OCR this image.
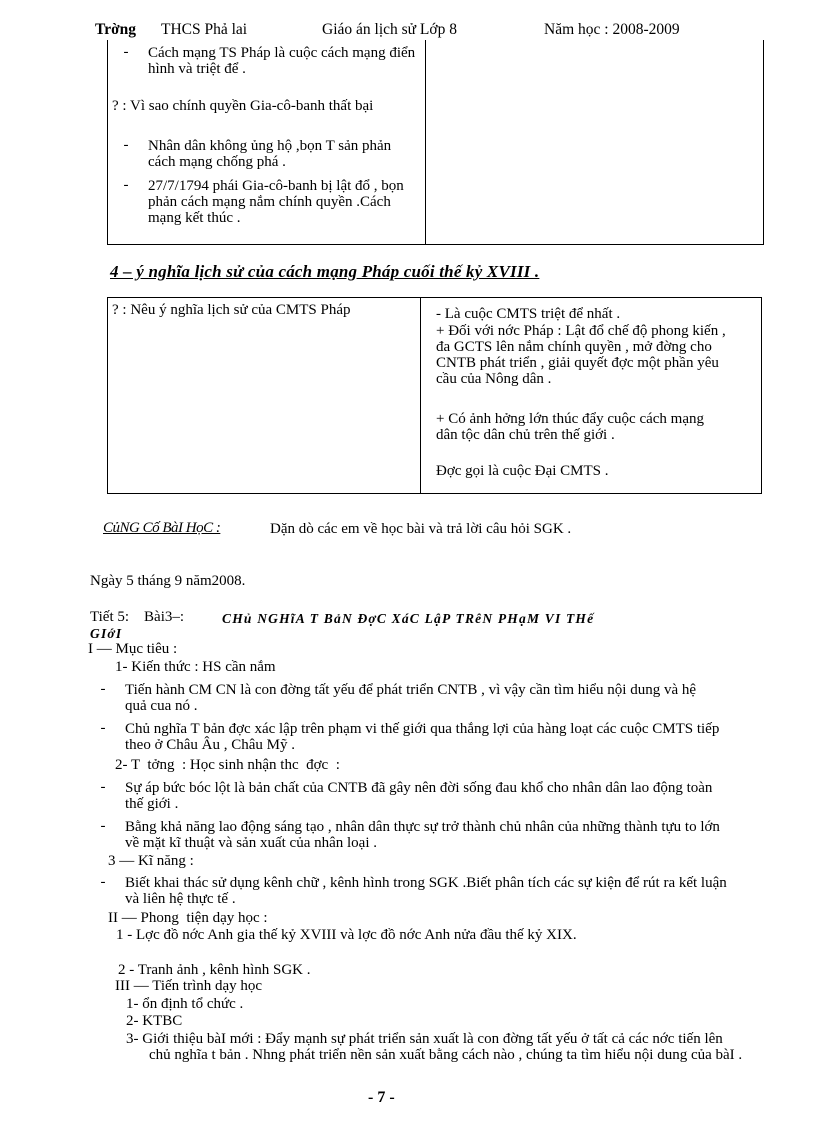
Trờng THCS Phả lai	Giáo án lịch sử Lớp 8	Năm học : 2008-2009
- Cách mạng TS Pháp là cuộc cách mạng điển hình và triệt để .

? : Vì sao chính quyền Gia-cô-banh thất bại

- Nhân dân không ủng hộ ,bọn T sản phản cách mạng chống phá .

- 27/7/1794 phái Gia-cô-banh bị lật đổ , bọn phản cách mạng nắm chính quyền .Cách mạng kết thúc .

4 – ý nghĩa lịch sử của cách mạng Pháp cuối thế kỷ XVIII .

? : Nêu ý nghĩa lịch sử của CMTS Pháp	- Là cuộc CMTS triệt để nhất .

+ Đối với nớc Pháp : Lật đổ chế độ phong kiến , đa GCTS lên nắm chính quyền , mở đờng cho CNTB phát triển , giải quyết đợc một phần yêu cầu của Nông dân .

+ Có ảnh hởng lớn thúc đẩy cuộc cách mạng dân tộc dân chủ trên thế giới .

Đợc gọi là cuộc Đại CMTS .

CủNG Cố BàI HọC :	Dặn dò các em về học bài và trả lời câu hỏi SGK .

Ngày 5 tháng 9 năm2008.

Tiết 5:    Bài3–:	CHủ NGHĩA T BảN ĐợC XáC LậP TRêN PHạM VI THế

GIớI

I — Mục tiêu :

1- Kiến thức : HS cần nắm

- Tiến hành CM CN là con đờng tất yếu để phát triển CNTB , vì vậy cần tìm hiểu nội dung và hệ quả cua nó .

- Chủ nghĩa T bản đợc xác lập trên phạm vi thế giới qua thắng lợi của hàng loạt các cuộc CMTS tiếp theo ở Châu Âu , Châu Mỹ .

2- T  tởng  : Học sinh nhận thc  đợc  :

- Sự áp bức bóc lột là bản chất của CNTB đã gây nên đời sống đau khổ cho nhân dân lao động toàn thế giới .

- Bằng khả năng lao động sáng tạo , nhân dân thực sự trở thành chủ nhân của những thành tựu to lớn về mặt kĩ thuật và sản xuất của nhân loại .

3 — Kĩ năng :

- Biết khai thác sử dụng kênh chữ , kênh hình trong SGK .Biết phân tích các sự kiện để rút ra kết luận và liên hệ thực tế .

II — Phong  tiện dạy học :

1 - Lợc đồ nớc Anh gia thế kỷ XVIII và lợc đồ nớc Anh nửa đầu thế kỷ XIX.

2 - Tranh ảnh , kênh hình SGK .

III — Tiến trình dạy học

1- ổn định tổ chức .

2- KTBC

3- Giới thiệu bàI mới : Đẩy mạnh sự phát triển sản xuất là con đờng tất yếu ở tất cả các nớc tiến lên chủ nghĩa t bản . Nhng phát triển nền sản xuất bằng cách nào , chúng ta tìm hiểu nội dung của bàI .

- 7 -
